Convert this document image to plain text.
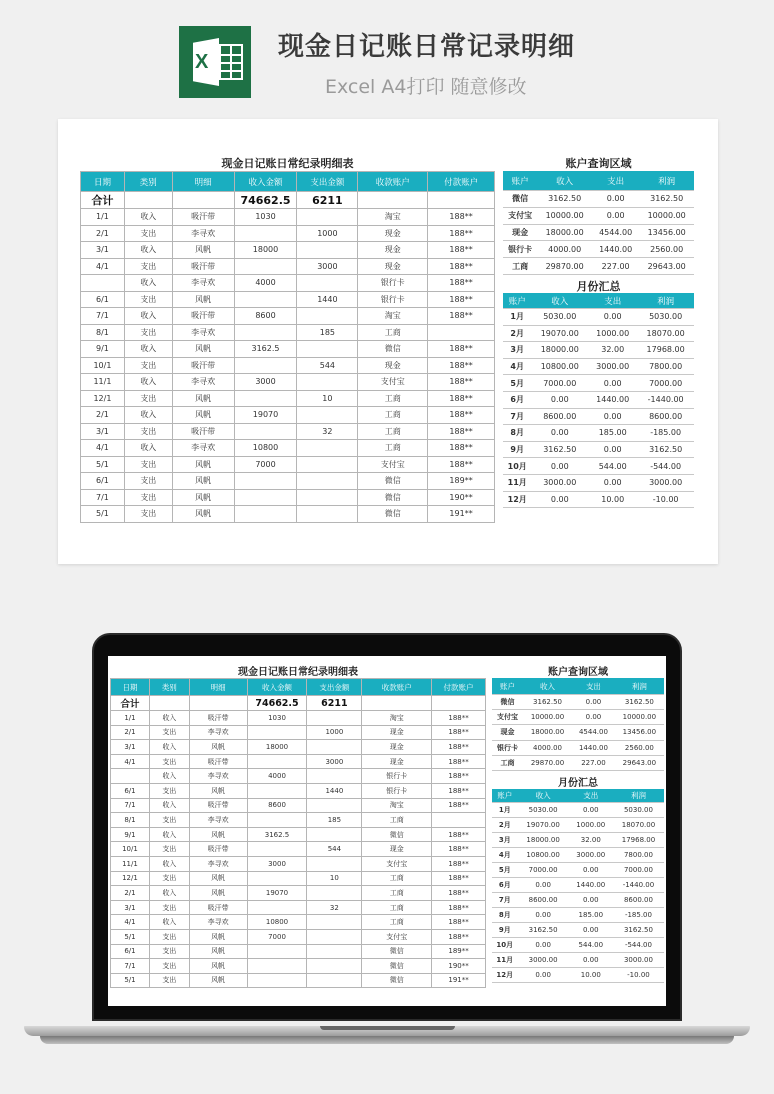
X	现金日记账日常记录明细
Excel A4打印 随意修改
现金日记账日常纪录明细表
日期	类别	明细	收入金额	支出金额	收款账户	付款账户
合计			74662.5	6211		
1/1	收入	吸汗带	1030		淘宝	188**
2/1	支出	李寻欢		1000	现金	188**
3/1	收入	风帆	18000		现金	188**
4/1	支出	吸汗带		3000	现金	188**
	收入	李寻欢	4000		银行卡	188**
6/1	支出	风帆		1440	银行卡	188**
7/1	收入	吸汗带	8600		淘宝	188**
8/1	支出	李寻欢		185	工商	
9/1	收入	风帆	3162.5		微信	188**
10/1	支出	吸汗带		544	现金	188**
11/1	收入	李寻欢	3000		支付宝	188**
12/1	支出	风帆		10	工商	188**
2/1	收入	风帆	19070		工商	188**
3/1	支出	吸汗带		32	工商	188**
4/1	收入	李寻欢	10800		工商	188**
5/1	支出	风帆	7000		支付宝	188**
6/1	支出	风帆			微信	189**
7/1	支出	风帆			微信	190**
5/1	支出	风帆			微信	191**
账户查询区域
账户	收入	支出	利润
微信	3162.50	0.00	3162.50
支付宝	10000.00	0.00	10000.00
现金	18000.00	4544.00	13456.00
银行卡	4000.00	1440.00	2560.00
工商	29870.00	227.00	29643.00
月份汇总
账户	收入	支出	利润
1月	5030.00	0.00	5030.00
2月	19070.00	1000.00	18070.00
3月	18000.00	32.00	17968.00
4月	10800.00	3000.00	7800.00
5月	7000.00	0.00	7000.00
6月	0.00	1440.00	-1440.00
7月	8600.00	0.00	8600.00
8月	0.00	185.00	-185.00
9月	3162.50	0.00	3162.50
10月	0.00	544.00	-544.00
11月	3000.00	0.00	3000.00
12月	0.00	10.00	-10.00
现金日记账日常纪录明细表
日期	类别	明细	收入金额	支出金额	收款账户	付款账户
合计			74662.5	6211		
1/1	收入	吸汗带	1030		淘宝	188**
2/1	支出	李寻欢		1000	现金	188**
3/1	收入	风帆	18000		现金	188**
4/1	支出	吸汗带		3000	现金	188**
	收入	李寻欢	4000		银行卡	188**
6/1	支出	风帆		1440	银行卡	188**
7/1	收入	吸汗带	8600		淘宝	188**
8/1	支出	李寻欢		185	工商	
9/1	收入	风帆	3162.5		微信	188**
10/1	支出	吸汗带		544	现金	188**
11/1	收入	李寻欢	3000		支付宝	188**
12/1	支出	风帆		10	工商	188**
2/1	收入	风帆	19070		工商	188**
3/1	支出	吸汗带		32	工商	188**
4/1	收入	李寻欢	10800		工商	188**
5/1	支出	风帆	7000		支付宝	188**
6/1	支出	风帆			微信	189**
7/1	支出	风帆			微信	190**
5/1	支出	风帆			微信	191**
账户查询区域
账户	收入	支出	利润
微信	3162.50	0.00	3162.50
支付宝	10000.00	0.00	10000.00
现金	18000.00	4544.00	13456.00
银行卡	4000.00	1440.00	2560.00
工商	29870.00	227.00	29643.00
月份汇总
账户	收入	支出	利润
1月	5030.00	0.00	5030.00
2月	19070.00	1000.00	18070.00
3月	18000.00	32.00	17968.00
4月	10800.00	3000.00	7800.00
5月	7000.00	0.00	7000.00
6月	0.00	1440.00	-1440.00
7月	8600.00	0.00	8600.00
8月	0.00	185.00	-185.00
9月	3162.50	0.00	3162.50
10月	0.00	544.00	-544.00
11月	3000.00	0.00	3000.00
12月	0.00	10.00	-10.00
